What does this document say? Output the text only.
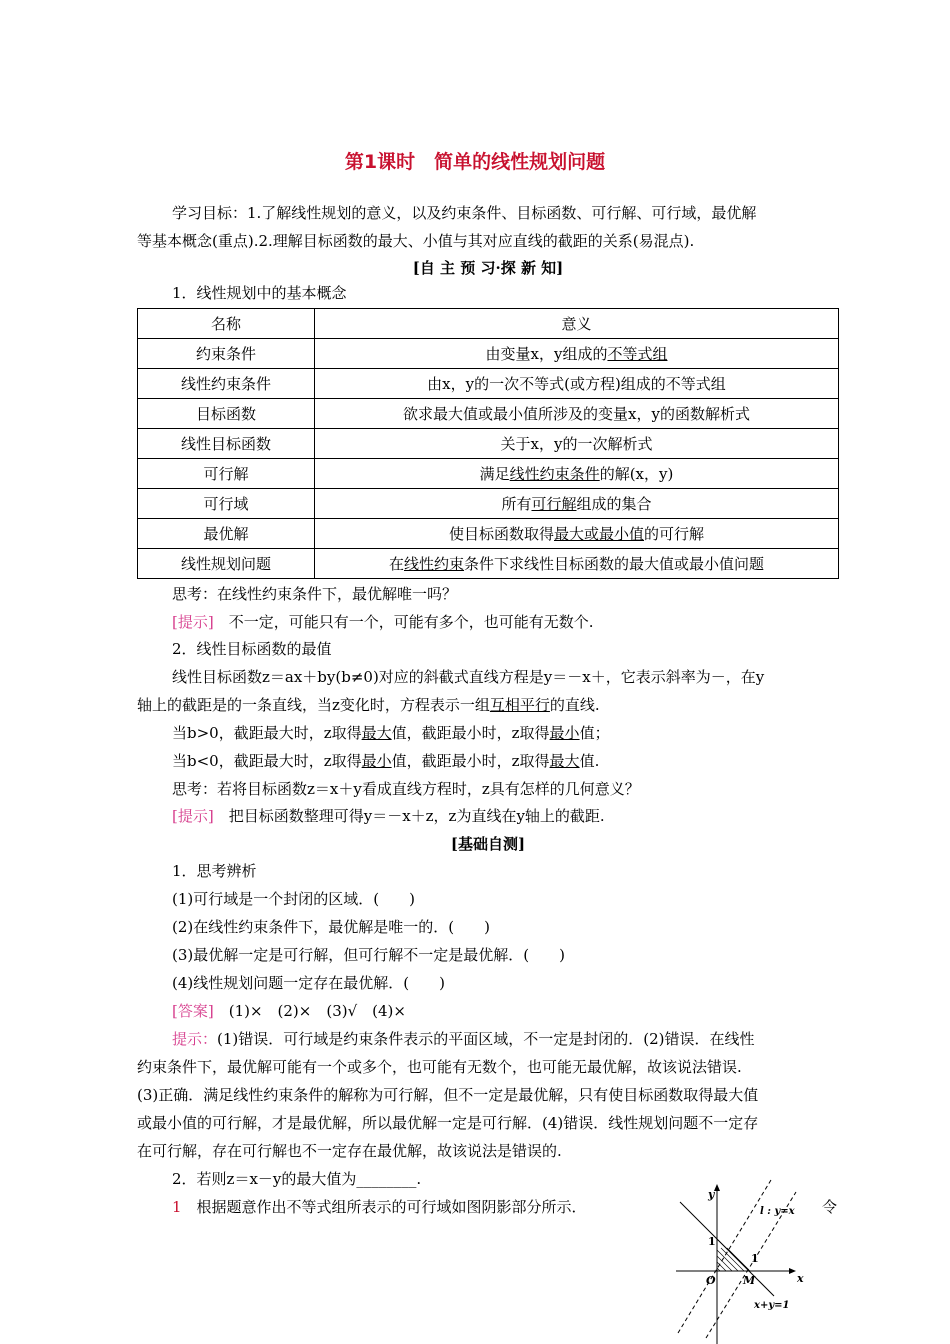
第1课时　简单的线性规划问题
学习目标：1.了解线性规划的意义，以及约束条件、目标函数、可行解、可行域，最优解
等基本概念(重点).2.理解目标函数的最大、小值与其对应直线的截距的关系(易混点).
[自 主 预 习·探 新 知]
1．线性规划中的基本概念
名称	意义
约束条件	由变量x，y组成的不等式组
线性约束条件	由x，y的一次不等式(或方程)组成的不等式组
目标函数	欲求最大值或最小值所涉及的变量x，y的函数解析式
线性目标函数	关于x，y的一次解析式
可行解	满足线性约束条件的解(x，y)
可行域	所有可行解组成的集合
最优解	使目标函数取得最大或最小值的可行解
线性规划问题	在线性约束条件下求线性目标函数的最大值或最小值问题
思考：在线性约束条件下，最优解唯一吗？
[提示]　不一定，可能只有一个，可能有多个，也可能有无数个.
2．线性目标函数的最值
线性目标函数z＝ax＋by(b≠0)对应的斜截式直线方程是y＝－x＋，它表示斜率为－，在y
轴上的截距是的一条直线，当z变化时，方程表示一组互相平行的直线.
当b>0，截距最大时，z取得最大值，截距最小时，z取得最小值；
当b<0，截距最大时，z取得最小值，截距最小时，z取得最大值.
思考：若将目标函数z＝x＋y看成直线方程时，z具有怎样的几何意义？
[提示]　把目标函数整理可得y＝－x＋z，z为直线在y轴上的截距.
[基础自测]
1．思考辨析
(1)可行域是一个封闭的区域．(　　)
(2)在线性约束条件下，最优解是唯一的．(　　)
(3)最优解一定是可行解，但可行解不一定是最优解．(　　)
(4)线性规划问题一定存在最优解．(　　)
[答案]　(1)×　(2)×　(3)√　(4)×
提示：(1)错误．可行域是约束条件表示的平面区域，不一定是封闭的．(2)错误．在线性
约束条件下，最优解可能有一个或多个，也可能有无数个，也可能无最优解，故该说法错误.
(3)正确．满足线性约束条件的解称为可行解，但不一定是最优解，只有使目标函数取得最大值
或最小值的可行解，才是最优解，所以最优解一定是可行解．(4)错误．线性规划问题不一定存
在可行解，存在可行解也不一定存在最优解，故该说法是错误的.
2．若则z＝x－y的最大值为________.
1　根据题意作出不等式组所表示的可行域如图阴影部分所示．	令
y
x
O M
1
1
l : y=x
x+y=1
